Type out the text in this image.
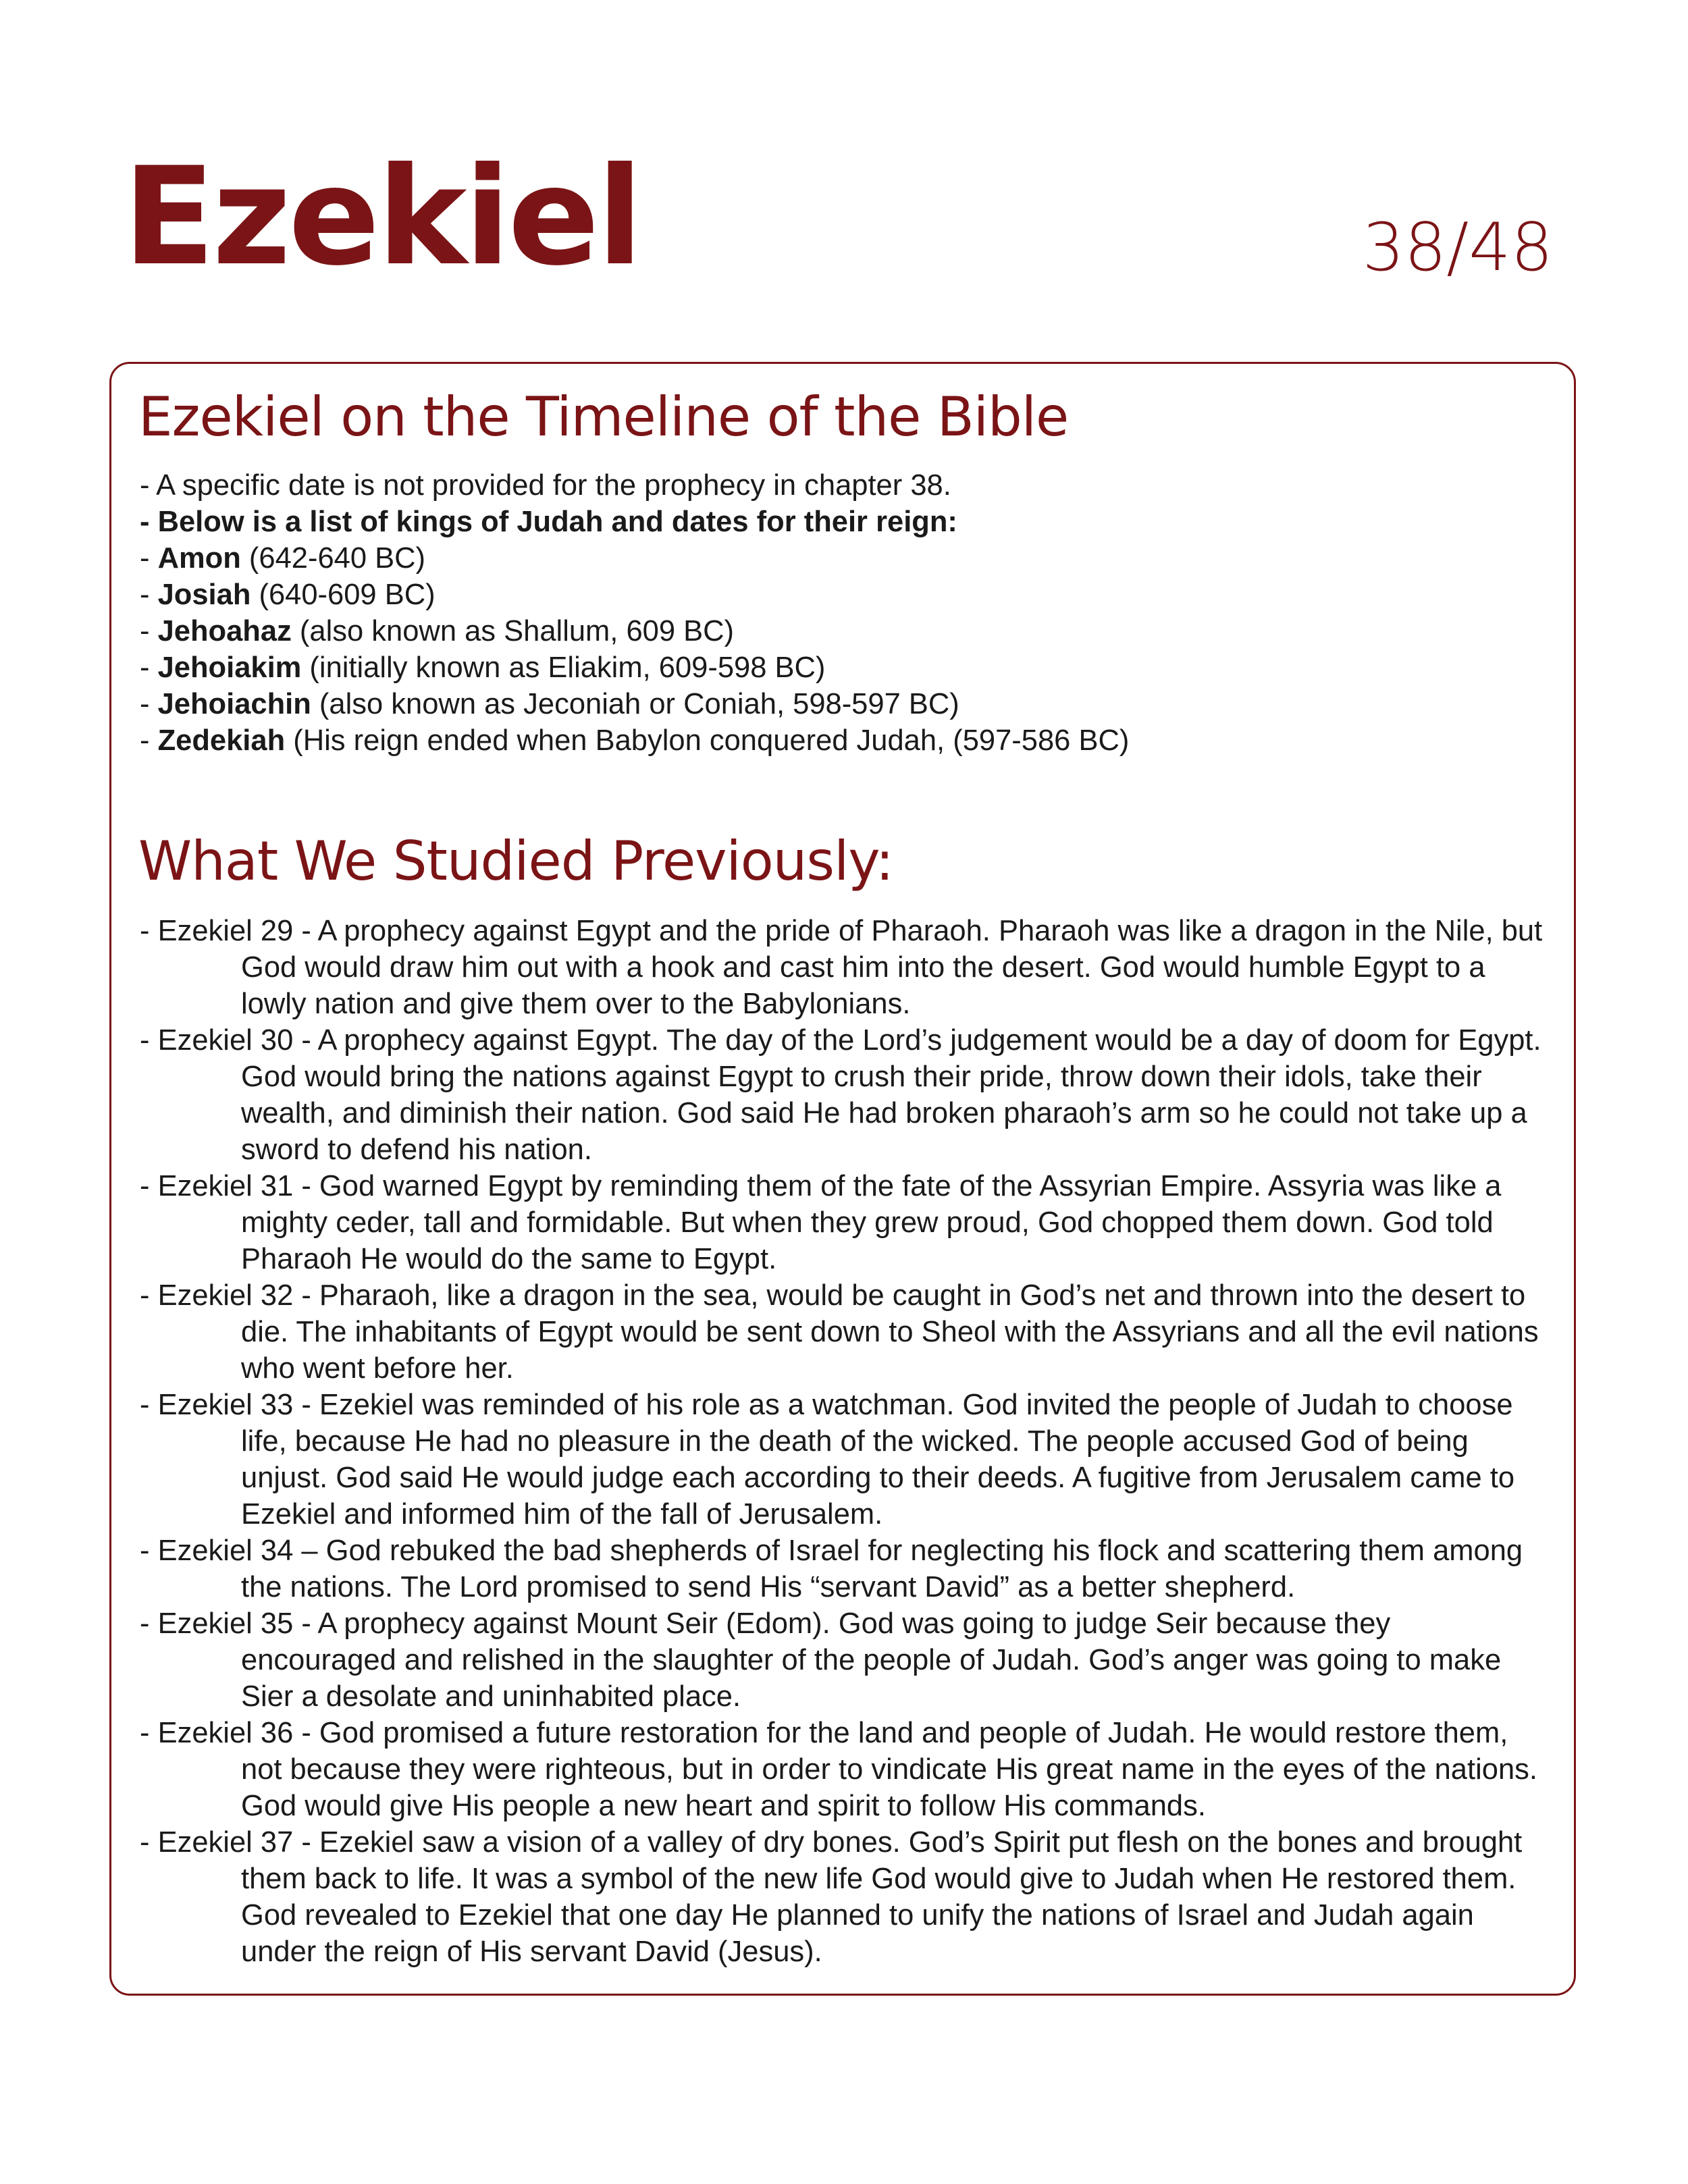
Ezekiel	38/48
Ezekiel on the Timeline of the Bible

- A specific date is not provided for the prophecy in chapter 38.

- Below is a list of kings of Judah and dates for their reign:

- Amon (642-640 BC)

- Josiah (640-609 BC)

- Jehoahaz (also known as Shallum, 609 BC)

- Jehoiakim (initially known as Eliakim, 609-598 BC)

- Jehoiachin (also known as Jeconiah or Coniah, 598-597 BC)

- Zedekiah (His reign ended when Babylon conquered Judah, (597-586 BC)

What We Studied Previously:

- Ezekiel 29 - A prophecy against Egypt and the pride of Pharaoh. Pharaoh was like a dragon in the Nile, but God would draw him out with a hook and cast him into the desert. God would humble Egypt to a lowly nation and give them over to the Babylonians.

- Ezekiel 30 - A prophecy against Egypt. The day of the Lord’s judgement would be a day of doom for Egypt. God would bring the nations against Egypt to crush their pride, throw down their idols, take their wealth, and diminish their nation. God said He had broken pharaoh’s arm so he could not take up a sword to defend his nation.

- Ezekiel 31 - God warned Egypt by reminding them of the fate of the Assyrian Empire. Assyria was like a mighty ceder, tall and formidable. But when they grew proud, God chopped them down. God told Pharaoh He would do the same to Egypt.

- Ezekiel 32 - Pharaoh, like a dragon in the sea, would be caught in God’s net and thrown into the desert to die. The inhabitants of Egypt would be sent down to Sheol with the Assyrians and all the evil nations who went before her.

- Ezekiel 33 - Ezekiel was reminded of his role as a watchman. God invited the people of Judah to choose life, because He had no pleasure in the death of the wicked. The people accused God of being unjust. God said He would judge each according to their deeds. A fugitive from Jerusalem came to Ezekiel and informed him of the fall of Jerusalem.

- Ezekiel 34 – God rebuked the bad shepherds of Israel for neglecting his flock and scattering them among the nations. The Lord promised to send His “servant David” as a better shepherd.

- Ezekiel 35 - A prophecy against Mount Seir (Edom). God was going to judge Seir because they encouraged and relished in the slaughter of the people of Judah. God’s anger was going to make Sier a desolate and uninhabited place.

- Ezekiel 36 - God promised a future restoration for the land and people of Judah. He would restore them, not because they were righteous, but in order to vindicate His great name in the eyes of the nations. God would give His people a new heart and spirit to follow His commands.

- Ezekiel 37 - Ezekiel saw a vision of a valley of dry bones. God’s Spirit put flesh on the bones and brought them back to life. It was a symbol of the new life God would give to Judah when He restored them. God revealed to Ezekiel that one day He planned to unify the nations of Israel and Judah again under the reign of His servant David (Jesus).
